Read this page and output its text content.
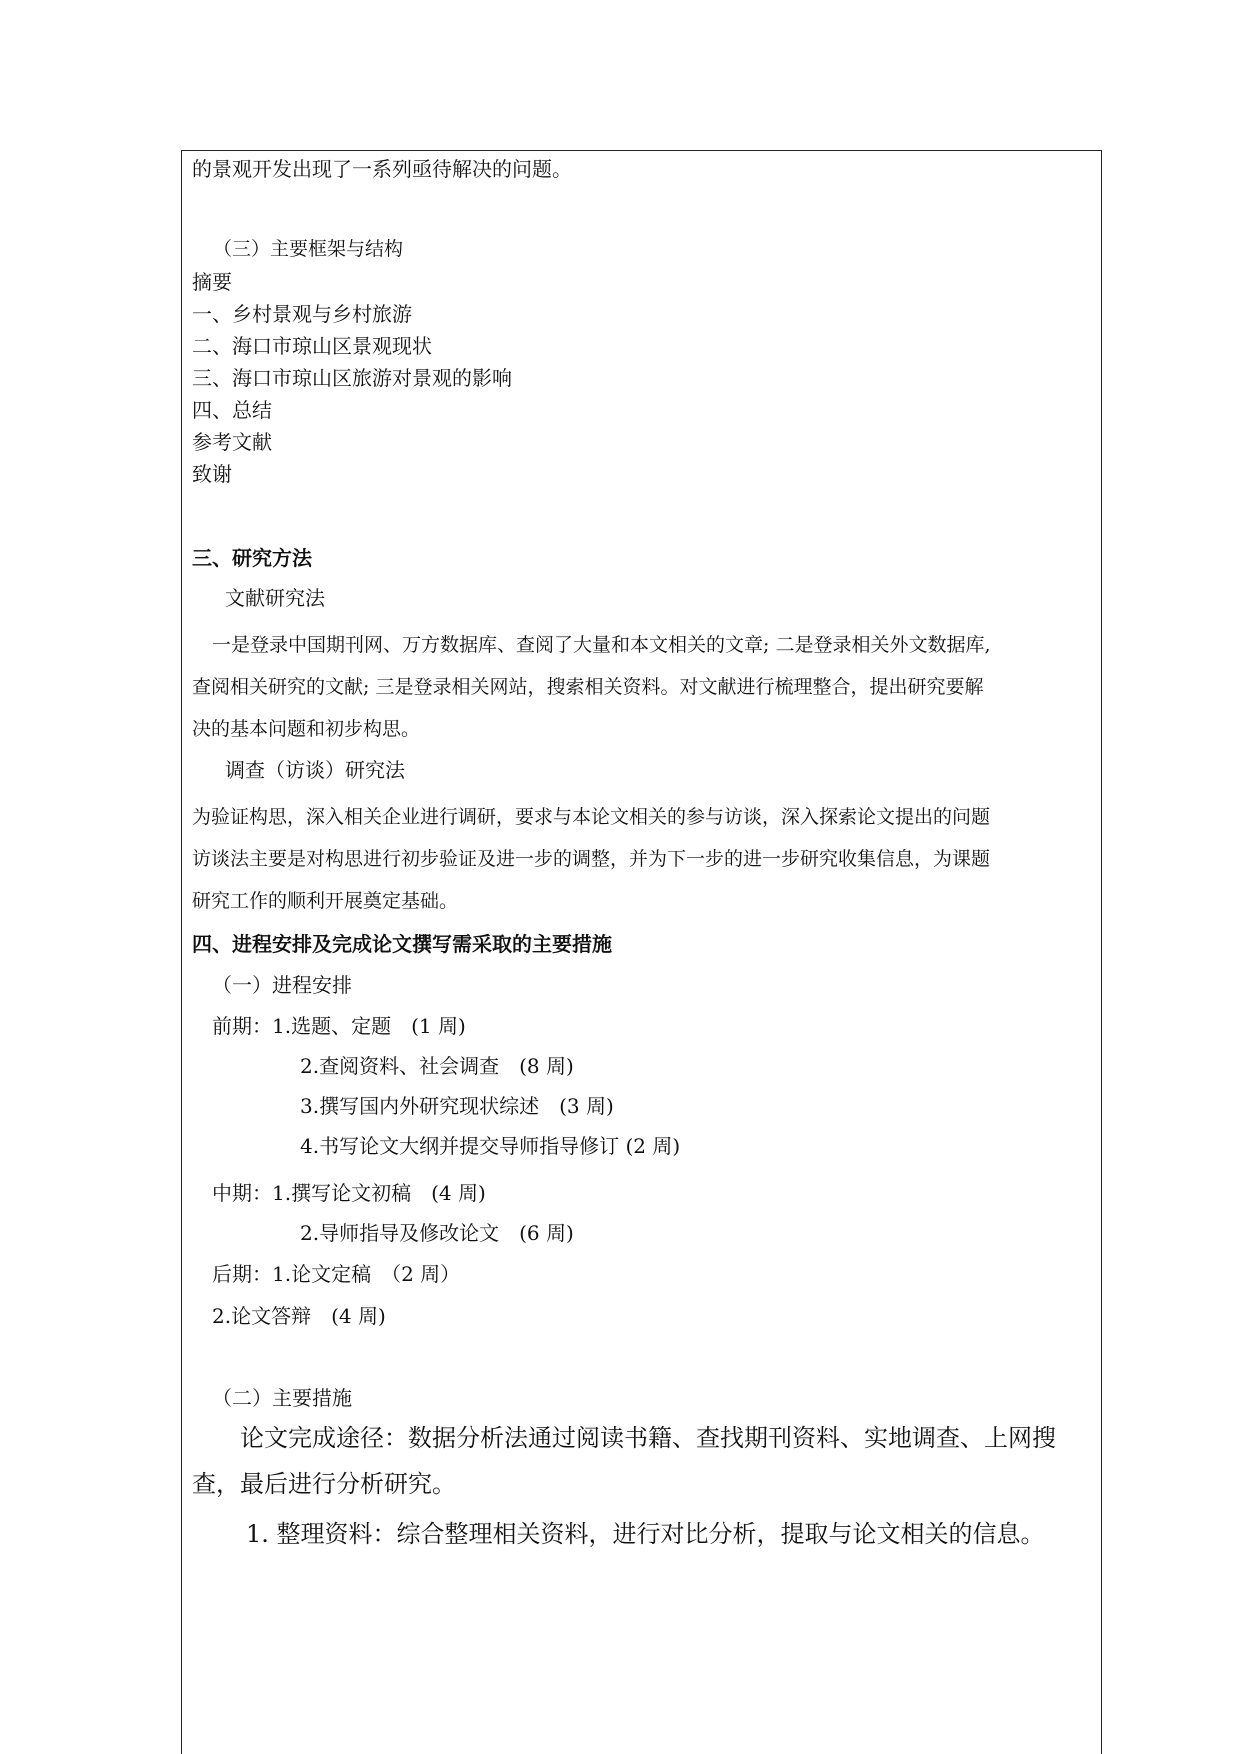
的景观开发出现了一系列亟待解决的问题。
（三）主要框架与结构
摘要
一、乡村景观与乡村旅游
二、海口市琼山区景观现状
三、海口市琼山区旅游对景观的影响
四、总结
参考文献
致谢
三、研究方法
文献研究法
一是登录中国期刊网、万方数据库、查阅了大量和本文相关的文章; 二是登录相关外文数据库,
查阅相关研究的文献; 三是登录相关网站，搜索相关资料。对文献进行梳理整合，提出研究要解
决的基本问题和初步构思。
调查（访谈）研究法
为验证构思，深入相关企业进行调研，要求与本论文相关的参与访谈，深入探索论文提出的问题
访谈法主要是对构思进行初步验证及进一步的调整，并为下一步的进一步研究收集信息，为课题
研究工作的顺利开展奠定基础。
四、进程安排及完成论文撰写需采取的主要措施
（一）进程安排
前期：1.选题、定题　(1 周)
2.查阅资料、社会调查　(8 周)
3.撰写国内外研究现状综述　(3 周)
4.书写论文大纲并提交导师指导修订 (2 周)
中期：1.撰写论文初稿　(4 周)
2.导师指导及修改论文　(6 周)
后期：1.论文定稿　（2 周）
2.论文答辩　(4 周)
（二）主要措施
论文完成途径：数据分析法通过阅读书籍、查找期刊资料、实地调查、上网搜
查，最后进行分析研究。
1. 整理资料：综合整理相关资料，进行对比分析，提取与论文相关的信息。
